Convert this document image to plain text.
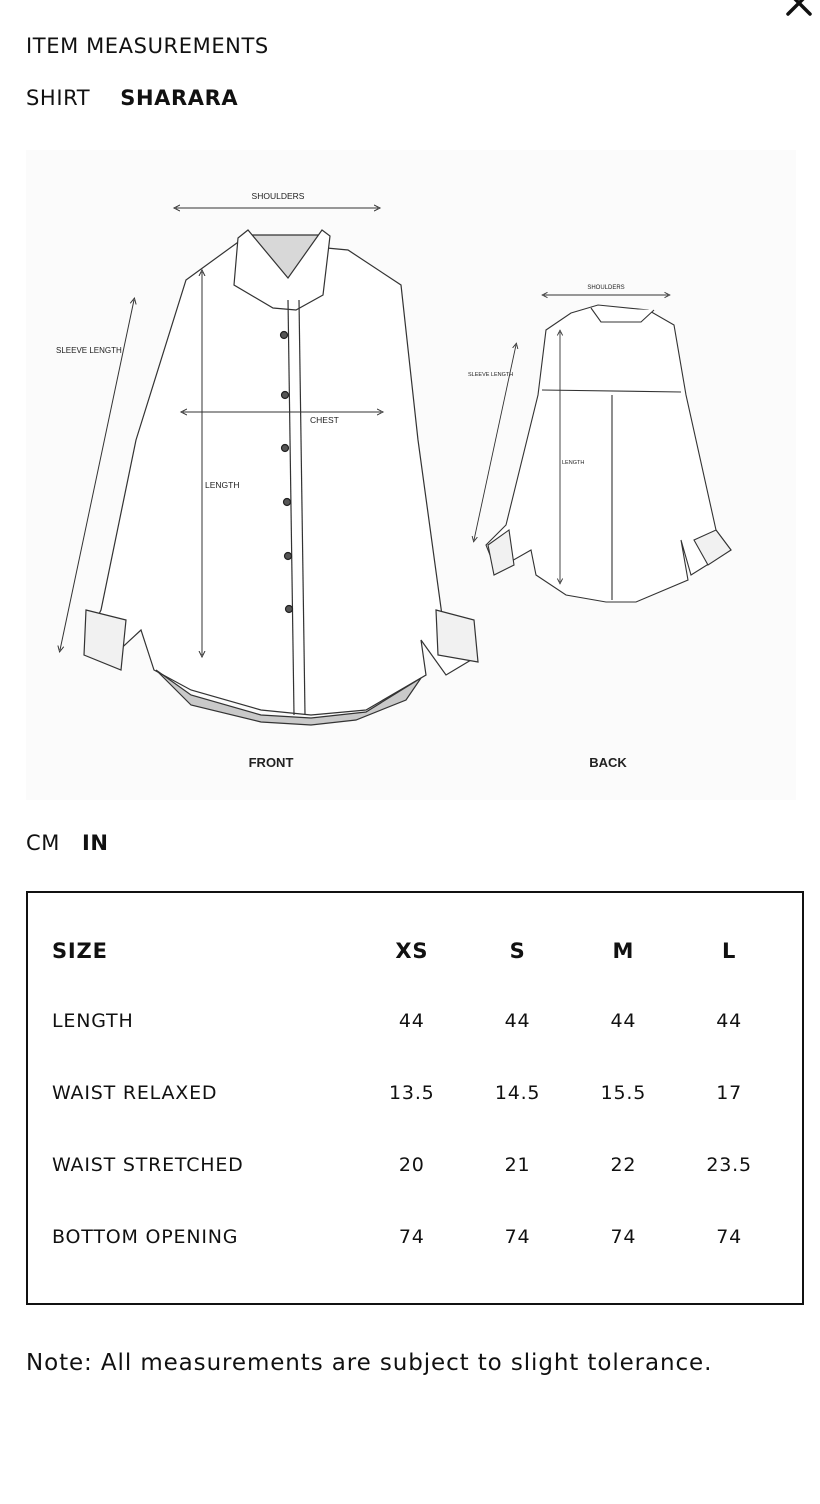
ITEM MEASUREMENTS
SHIRT SHARARA
SHOULDERS
SLEEVE LENGTH
CHEST
LENGTH
FRONT
SHOULDERS
SLEEVE LENGTH
LENGTH
BACK
CM IN
SIZE	XS	S	M	L
LENGTH	44	44	44	44
WAIST RELAXED	13.5	14.5	15.5	17
WAIST STRETCHED	20	21	22	23.5
BOTTOM OPENING	74	74	74	74
Note: All measurements are subject to slight tolerance.
